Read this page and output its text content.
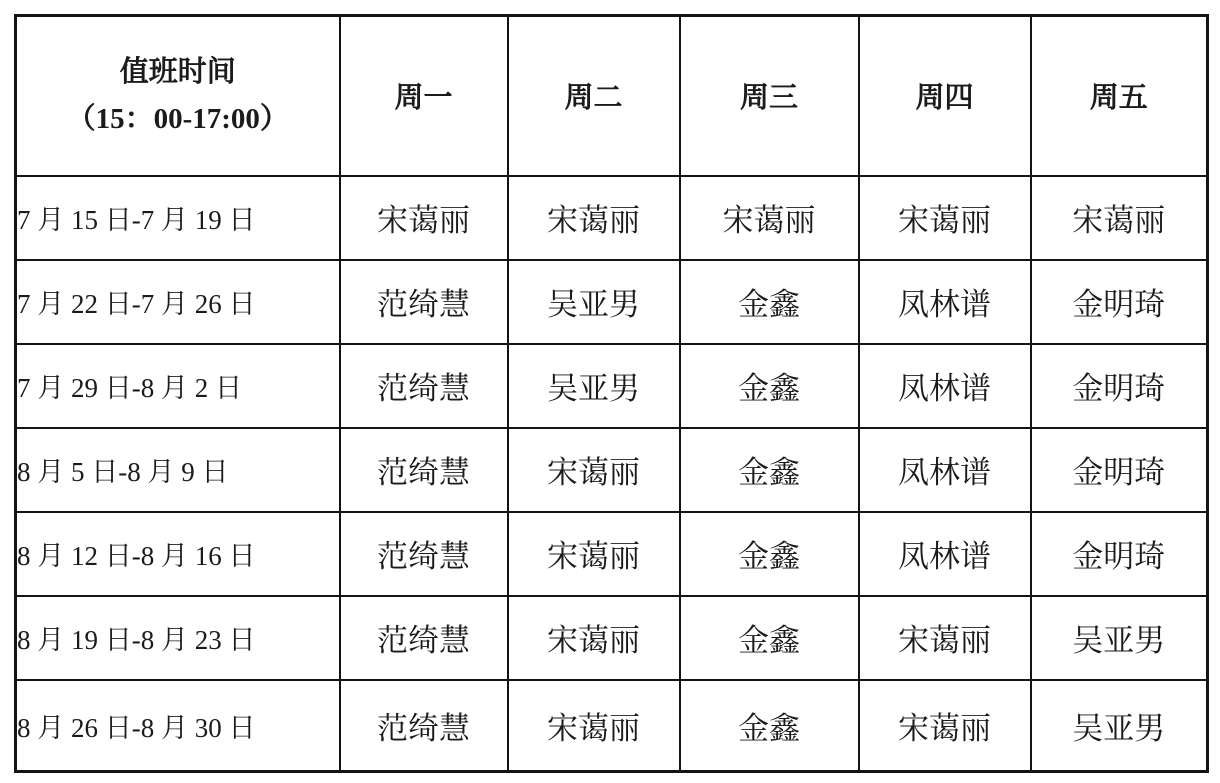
值班时间
（15：00-17:00）	周一	周二	周三	周四	周五
7 月 15 日-7 月 19 日	宋蔼丽	宋蔼丽	宋蔼丽	宋蔼丽	宋蔼丽
7 月 22 日-7 月 26 日	范绮慧	吴亚男	金鑫	凤林谱	金明琦
7 月 29 日-8 月 2 日	范绮慧	吴亚男	金鑫	凤林谱	金明琦
8 月 5 日-8 月 9 日	范绮慧	宋蔼丽	金鑫	凤林谱	金明琦
8 月 12 日-8 月 16 日	范绮慧	宋蔼丽	金鑫	凤林谱	金明琦
8 月 19 日-8 月 23 日	范绮慧	宋蔼丽	金鑫	宋蔼丽	吴亚男
8 月 26 日-8 月 30 日	范绮慧	宋蔼丽	金鑫	宋蔼丽	吴亚男
